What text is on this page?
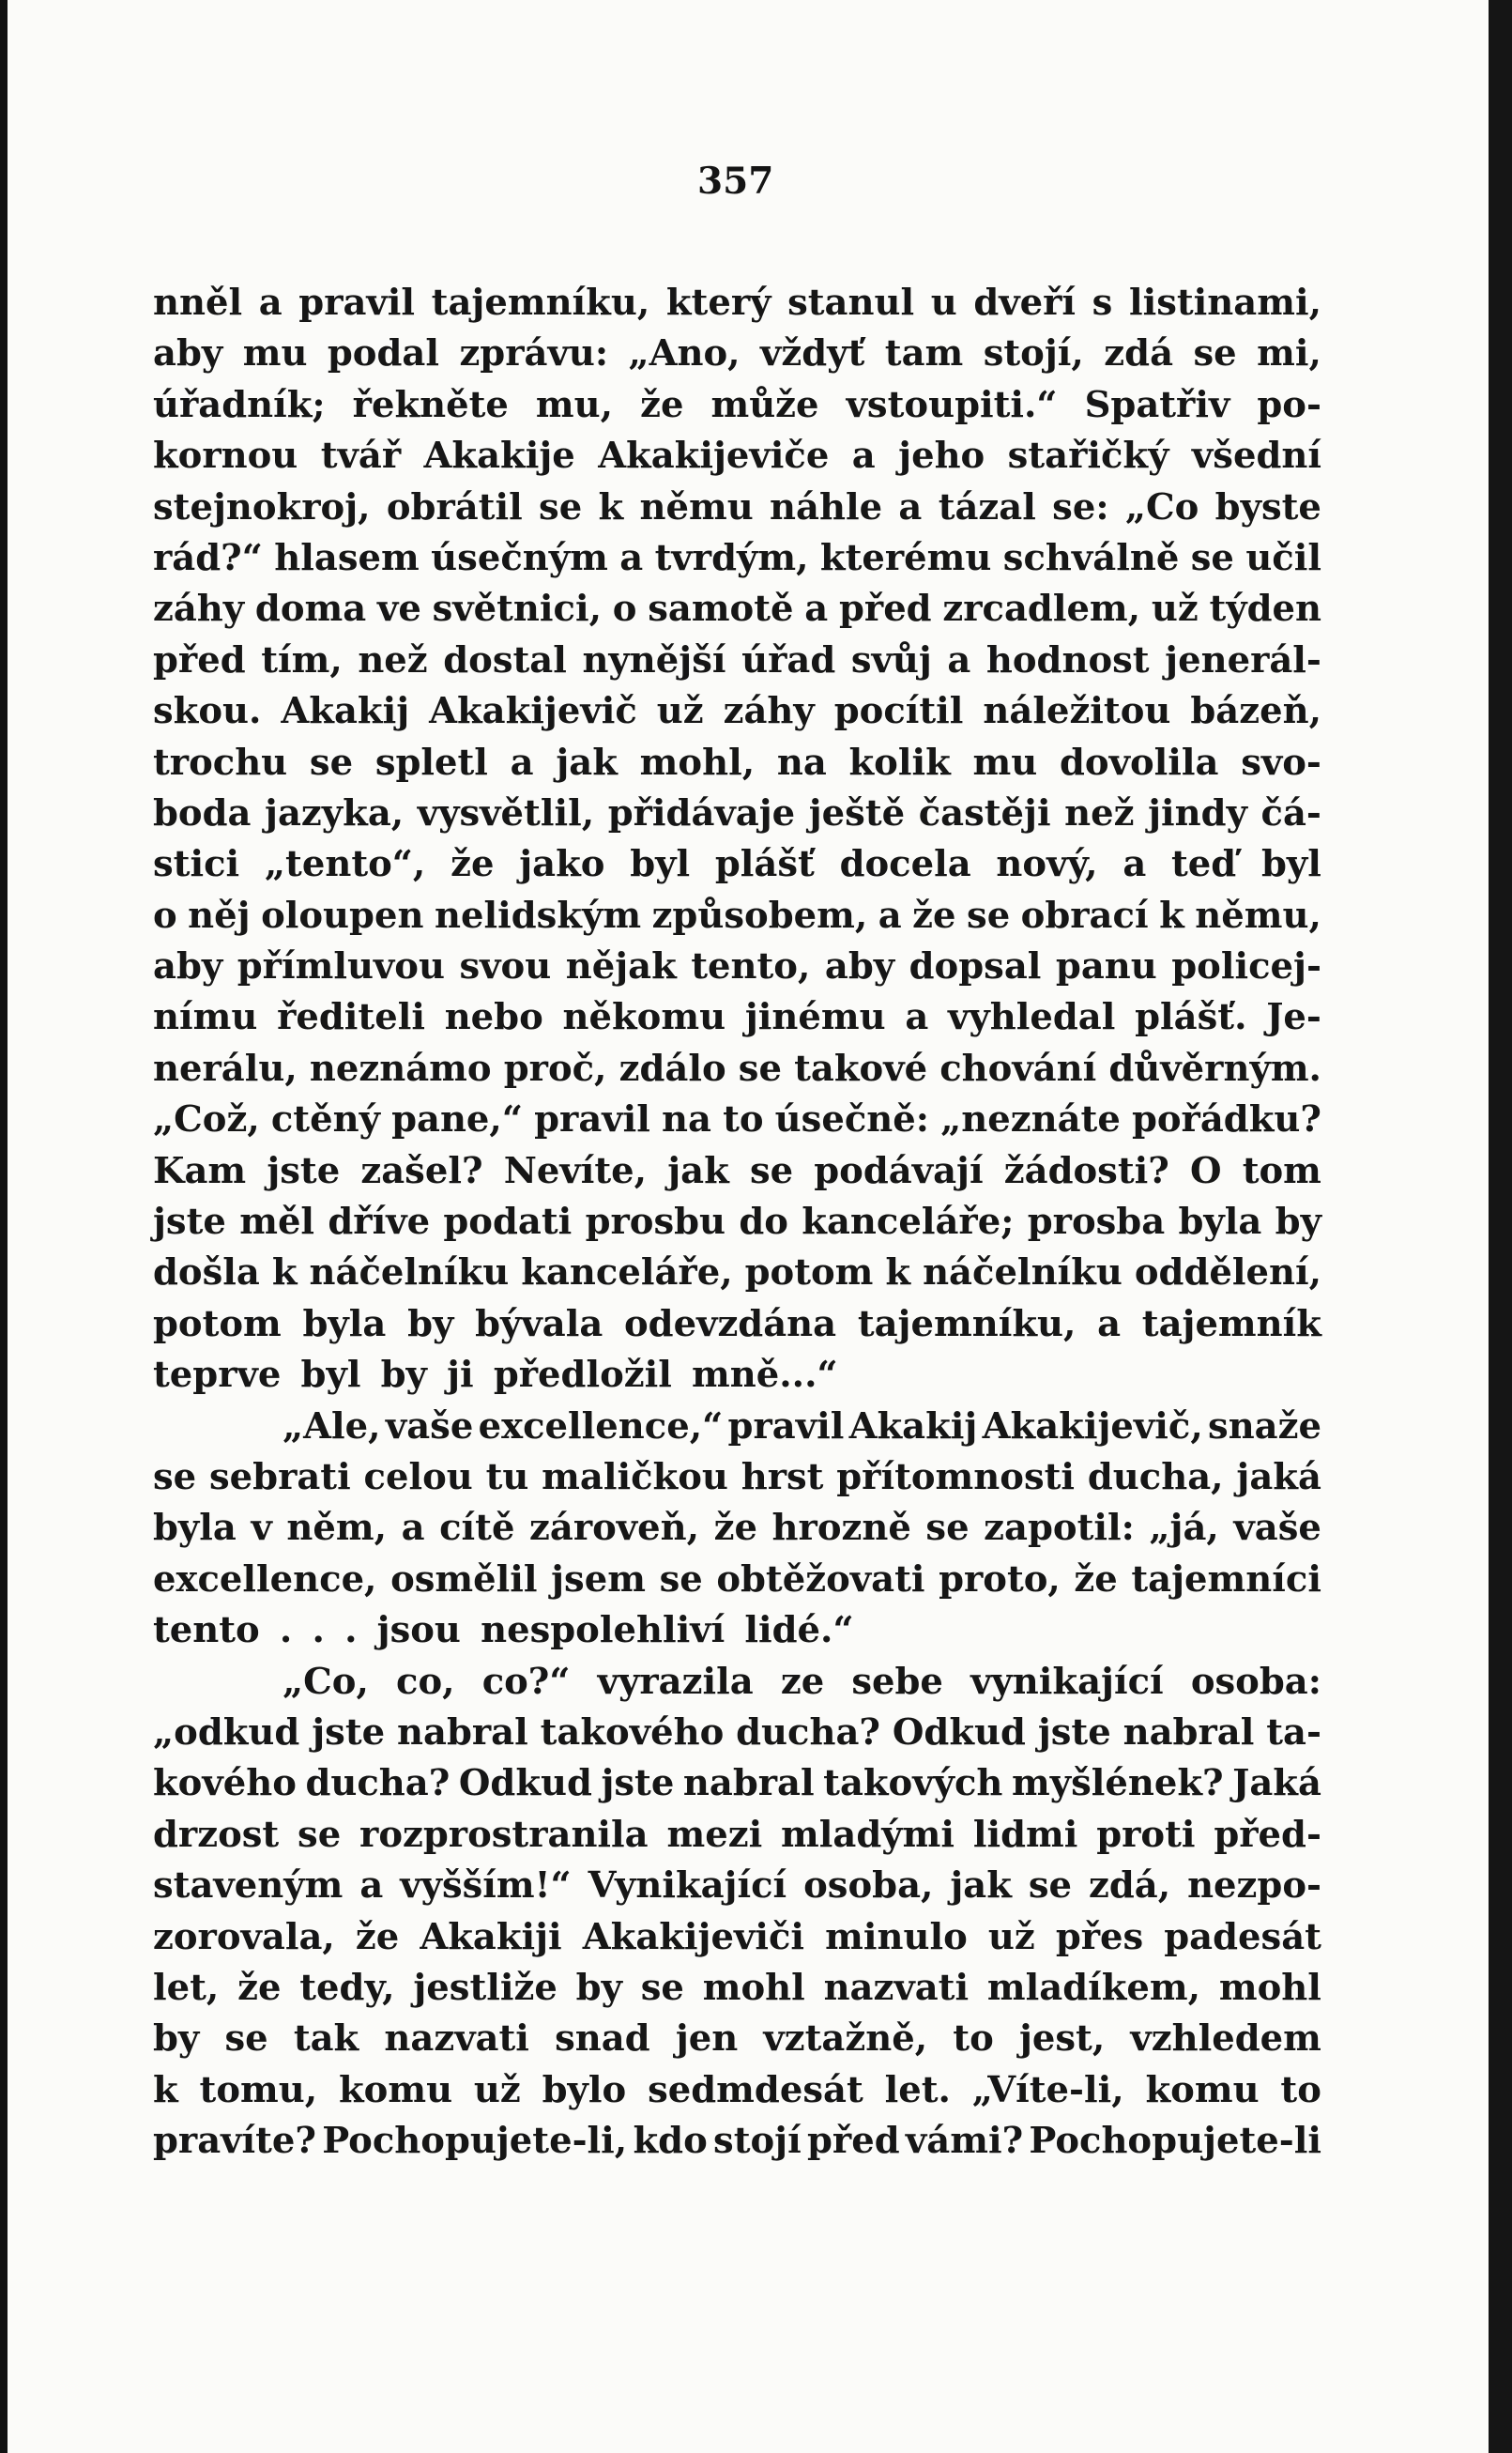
357
nněl a pravil tajemníku, který stanul u dveří s listinami,
aby mu podal zprávu: „Ano, vždyť tam stojí, zdá se mi,
úřadník; řekněte mu, že může vstoupiti.“ Spatřiv po-
kornou tvář Akakije Akakijeviče a jeho stařičký všední
stejnokroj, obrátil se k němu náhle a tázal se: „Co byste
rád?“ hlasem úsečným a tvrdým, kterému schválně se učil
záhy doma ve světnici, o samotě a před zrcadlem, už týden
před tím, než dostal nynější úřad svůj a hodnost jenerál-
skou. Akakij Akakijevič už záhy pocítil náležitou bázeň,
trochu se spletl a jak mohl, na kolik mu dovolila svo-
boda jazyka, vysvětlil, přidávaje ještě častěji než jindy čá-
stici „tento“, že jako byl plášť docela nový, a teď byl
o něj oloupen nelidským způsobem, a že se obrací k němu,
aby přímluvou svou nějak tento, aby dopsal panu policej-
nímu řediteli nebo někomu jinému a vyhledal plášť. Je-
nerálu, neznámo proč, zdálo se takové chování důvěrným.
„Což, ctěný pane,“ pravil na to úsečně: „neznáte pořádku?
Kam jste zašel? Nevíte, jak se podávají žádosti? O tom
jste měl dříve podati prosbu do kanceláře; prosba byla by
došla k náčelníku kanceláře, potom k náčelníku oddělení,
potom byla by bývala odevzdána tajemníku, a tajemník
teprve byl by ji předložil mně...“
„Ale, vaše excellence,“ pravil Akakij Akakijevič, snaže
se sebrati celou tu maličkou hrst přítomnosti ducha, jaká
byla v něm, a cítě zároveň, že hrozně se zapotil: „já, vaše
excellence, osmělil jsem se obtěžovati proto, že tajemníci
tento . . . jsou nespolehliví lidé.“
„Co, co, co?“ vyrazila ze sebe vynikající osoba:
„odkud jste nabral takového ducha? Odkud jste nabral ta-
kového ducha? Odkud jste nabral takových myšlének? Jaká
drzost se rozprostranila mezi mladými lidmi proti před-
staveným a vyšším!“ Vynikající osoba, jak se zdá, nezpo-
zorovala, že Akakiji Akakijeviči minulo už přes padesát
let, že tedy, jestliže by se mohl nazvati mladíkem, mohl
by se tak nazvati snad jen vztažně, to jest, vzhledem
k tomu, komu už bylo sedmdesát let. „Víte-li, komu to
pravíte? Pochopujete-li, kdo stojí před vámi? Pochopujete-li
